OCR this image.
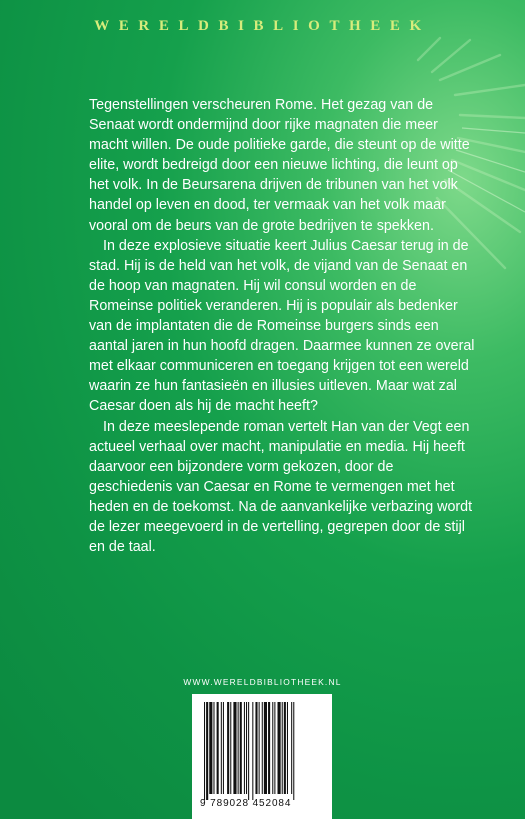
WERELDBIBLIOTHEEK

Tegenstellingen verscheuren Rome. Het gezag van de Senaat wordt ondermijnd door rijke magnaten die meer macht willen. De oude politieke garde, die steunt op de witte elite, wordt bedreigd door een nieuwe lichting, die leunt op het volk. In de Beursarena drijven de tribunen van het volk handel op leven en dood, ter vermaak van het volk maar vooral om de beurs van de grote bedrijven te spekken.

In deze explosieve situatie keert Julius Caesar terug in de stad. Hij is de held van het volk, de vijand van de Senaat en de hoop van magnaten. Hij wil consul worden en de Romeinse politiek veranderen. Hij is populair als bedenker van de implantaten die de Romeinse burgers sinds een aantal jaren in hun hoofd dragen. Daarmee kunnen ze overal met elkaar communiceren en toegang krijgen tot een wereld waarin ze hun fantasieën en illusies uitleven. Maar wat zal Caesar doen als hij de macht heeft?

In deze meeslepende roman vertelt Han van der Vegt een actueel verhaal over macht, manipulatie en media. Hij heeft daarvoor een bijzondere vorm gekozen, door de geschiedenis van Caesar en Rome te vermengen met het heden en de toekomst. Na de aanvankelijke verbazing wordt de lezer meegevoerd in de vertelling, gegrepen door de stijl en de taal.

WWW.WERELDBIBLIOTHEEK.NL

9 789028 452084
